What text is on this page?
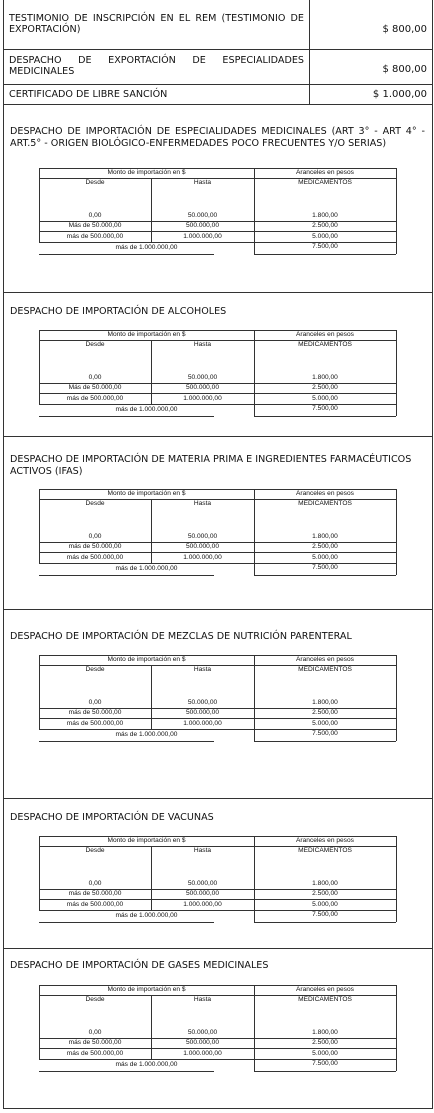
TESTIMONIO DE INSCRIPCIÓN EN EL REM (TESTIMONIO DE EXPORTACIÓN)	$ 800,00
DESPACHO DE EXPORTACIÓN DE ESPECIALIDADES MEDICINALES	$ 800,00
CERTIFICADO DE LIBRE SANCIÓN	$ 1.000,00
DESPACHO DE IMPORTACIÓN DE ESPECIALIDADES MEDICINALES (ART 3° - ART 4° - ART.5° - ORIGEN BIOLÓGICO-ENFERMEDADES POCO FRECUENTES Y/O SERIAS)
Monto de importación en $	Aranceles en pesos
Desde	Hasta	MEDICAMENTOS
0,00	50.000,00	1.800,00
Más de 50.000,00	500.000,00	2.500,00
más de 500.000,00	1.000.000,00	5.000,00
más de 1.000.000,00	7.500,00
DESPACHO DE IMPORTACIÓN DE ALCOHOLES
Monto de importación en $	Aranceles en pesos
Desde	Hasta	MEDICAMENTOS
0,00	50.000,00	1.800,00
Más de 50.000,00	500.000,00	2.500,00
más de 500.000,00	1.000.000,00	5.000,00
más de 1.000.000,00	7.500,00
DESPACHO DE IMPORTACIÓN DE MATERIA PRIMA E INGREDIENTES FARMACÉUTICOS ACTIVOS (IFAS)
Monto de importación en $	Aranceles en pesos
Desde	Hasta	MEDICAMENTOS
0,00	50.000,00	1.800,00
más de 50.000,00	500.000,00	2.500,00
más de 500.000,00	1.000.000,00	5.000,00
más de 1.000.000,00	7.500,00
DESPACHO DE IMPORTACIÓN DE MEZCLAS DE NUTRICIÓN PARENTERAL
Monto de importación en $	Aranceles en pesos
Desde	Hasta	MEDICAMENTOS
0,00	50.000,00	1.800,00
más de 50.000,00	500.000,00	2.500,00
más de 500.000,00	1.000.000,00	5.000,00
más de 1.000.000,00	7.500,00
DESPACHO DE IMPORTACIÓN DE VACUNAS
Monto de importación en $	Aranceles en pesos
Desde	Hasta	MEDICAMENTOS
0,00	50.000,00	1.800,00
más de 50.000,00	500.000,00	2.500,00
más de 500.000,00	1.000.000,00	5.000,00
más de 1.000.000,00	7.500,00
DESPACHO DE IMPORTACIÓN DE GASES MEDICINALES
Monto de importación en $	Aranceles en pesos
Desde	Hasta	MEDICAMENTOS
0,00	50.000,00	1.800,00
más de 50.000,00	500.000,00	2.500,00
más de 500.000,00	1.000.000,00	5.000,00
más de 1.000.000,00	7.500,00
